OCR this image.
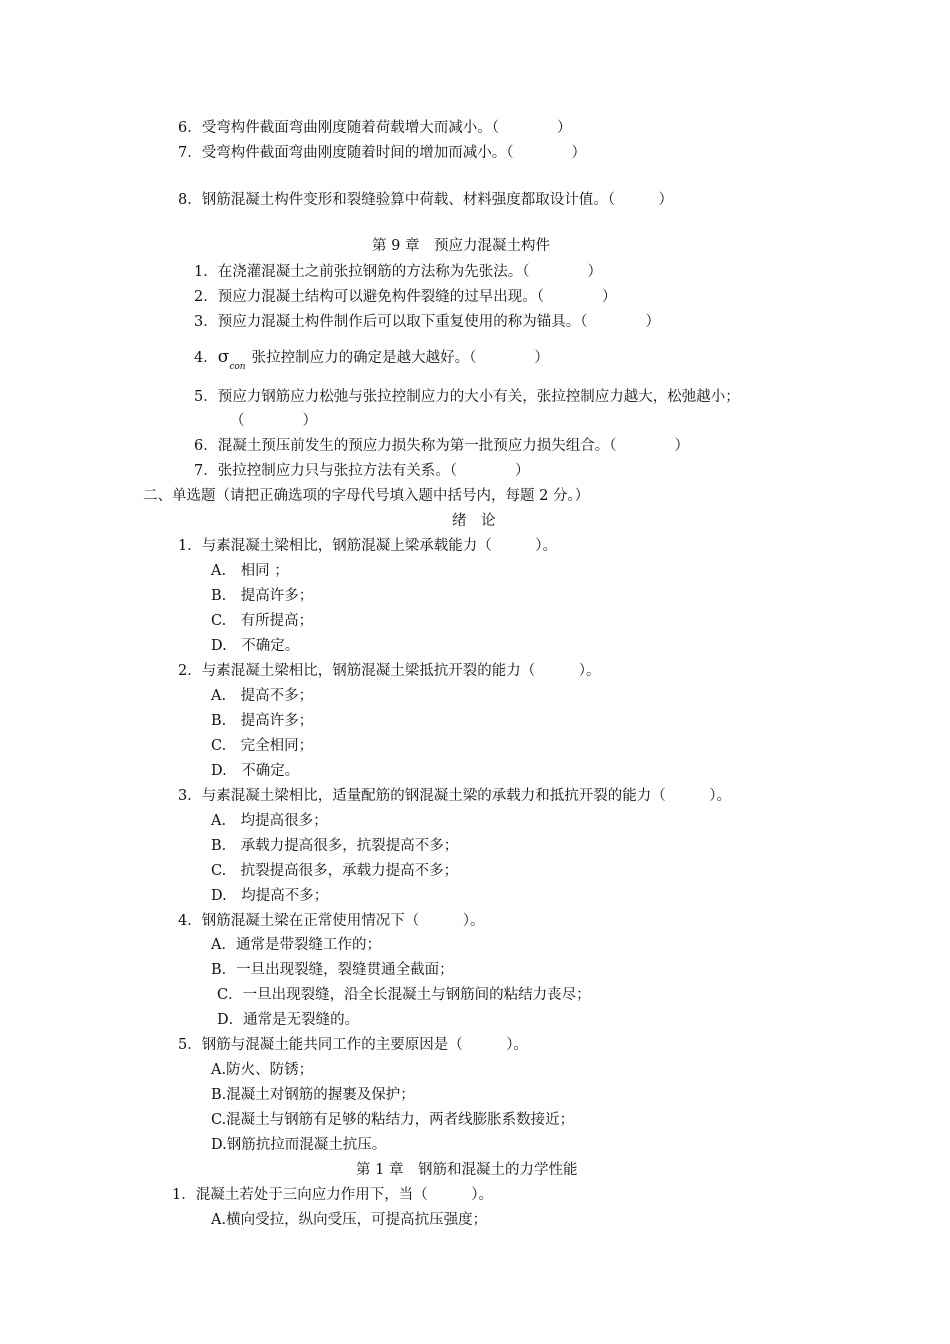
6．受弯构件截面弯曲刚度随着荷载增大而减小。（　　　　）
7．受弯构件截面弯曲刚度随着时间的增加而减小。（　　　　）
8．钢筋混凝土构件变形和裂缝验算中荷载、材料强度都取设计值。（　　　）
第 9 章　预应力混凝土构件
1．在浇灌混凝土之前张拉钢筋的方法称为先张法。（　　　　）
2．预应力混凝土结构可以避免构件裂缝的过早出现。（　　　　）
3．预应力混凝土构件制作后可以取下重复使用的称为锚具。（　　　　）
4．$\sigma_{con}$张拉控制应力的确定是越大越好。（　　　　）
5．预应力钢筋应力松弛与张拉控制应力的大小有关，张拉控制应力越大，松弛越小；
（　　　　）
6．混凝土预压前发生的预应力损失称为第一批预应力损失组合。（　　　　）
7．张拉控制应力只与张拉方法有关系。（　　　　）
二、单选题（请把正确选项的字母代号填入题中括号内，每题 2 分。）
绪　论
1．与素混凝土梁相比，钢筋混凝上梁承载能力（　　　）。
A.　相同 ；
B.　提高许多；
C.　有所提高；
D.　不确定。
2．与素混凝土梁相比，钢筋混凝土梁抵抗开裂的能力（　　　）。
A.　提高不多；
B.　提高许多；
C.　完全相同；
D.　不确定。
3．与素混凝土梁相比，适量配筋的钢混凝土梁的承载力和抵抗开裂的能力（　　　）。
A.　均提高很多；
B.　承载力提高很多，抗裂提高不多；
C.　抗裂提高很多，承载力提高不多；
D.　均提高不多；
4．钢筋混凝土梁在正常使用情况下（　　　）。
A．通常是带裂缝工作的；
B．一旦出现裂缝，裂缝贯通全截面；
C．一旦出现裂缝，沿全长混凝土与钢筋间的粘结力丧尽；
D．通常是无裂缝的。
5．钢筋与混凝土能共同工作的主要原因是（　　　）。
A.防火、防锈；
B.混凝土对钢筋的握裹及保护；
C.混凝土与钢筋有足够的粘结力，两者线膨胀系数接近；
D.钢筋抗拉而混凝土抗压。
第 1 章　钢筋和混凝土的力学性能
1．混凝土若处于三向应力作用下，当（　　　）。
A.横向受拉，纵向受压，可提高抗压强度；
